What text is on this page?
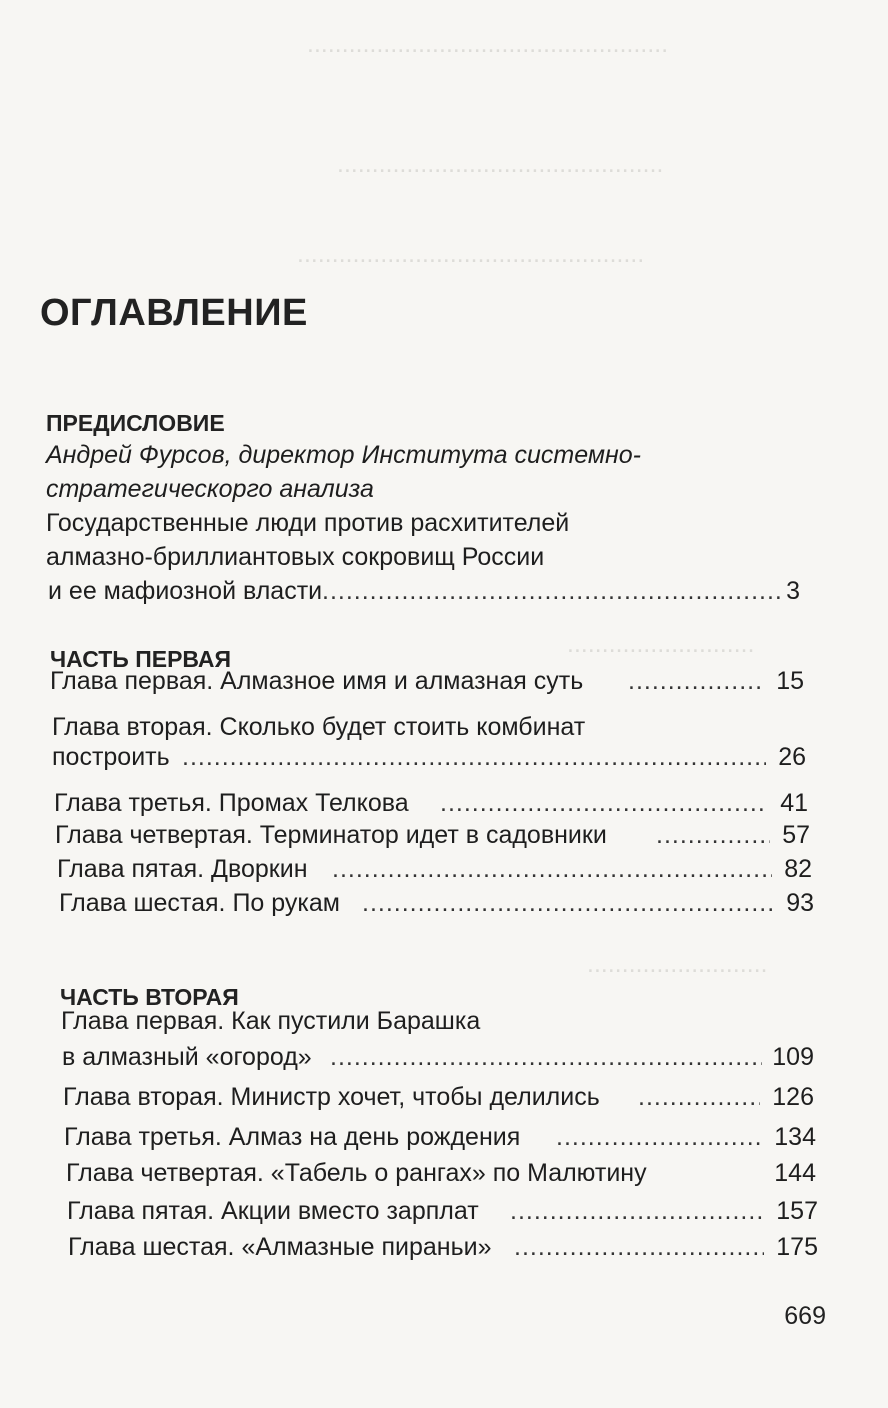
....................................................
...............................................
..................................................
...........................
..........................
ОГЛАВЛЕНИЕ
ПРЕДИСЛОВИЕ
Андрей Фурсов, директор Института системно-
стратегическорго анализа
Государственные люди против расхитителей
алмазно-бриллиантовых сокровищ России
и ее мафиозной власти .....	3
ЧАСТЬ ПЕРВАЯ
Глава первая. Алмазное имя и алмазная суть .....	15
Глава вторая. Сколько будет стоить комбинат
построить .....	26
Глава третья. Промах Телкова .....	41
Глава четвертая. Терминатор идет в садовники .....	57
Глава пятая. Дворкин .....	82
Глава шестая. По рукам .....	93
ЧАСТЬ ВТОРАЯ
Глава первая. Как пустили Барашка
в алмазный «огород» .....	109
Глава вторая. Министр хочет, чтобы делились .....	126
Глава третья. Алмаз на день рождения .....	134
Глава четвертая. «Табель о рангах» по Малютину	144
Глава пятая. Акции вместо зарплат .....	157
Глава шестая. «Алмазные пираньи» .....	175
669
